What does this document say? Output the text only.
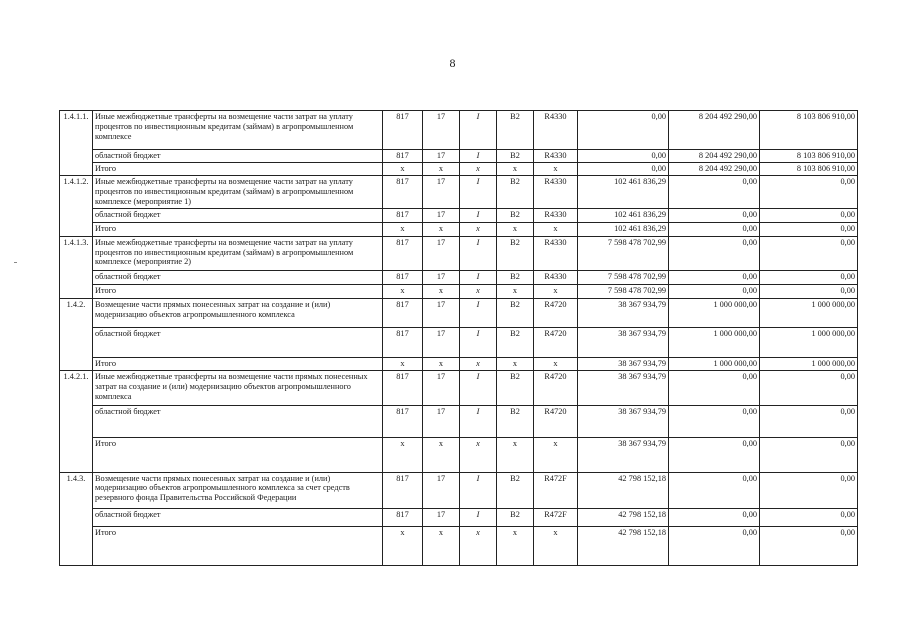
8
1.4.1.1.	Иные межбюджетные трансферты на возмещение части затрат на уплату процентов по инвестиционным кредитам (займам) в агропромышленном комплексе	817	17	I	B2	R4330	0,00	8 204 492 290,00	8 103 806 910,00
	областной бюджет	817	17	I	B2	R4330	0,00	8 204 492 290,00	8 103 806 910,00
	Итого	х	х	х	х	х	0,00	8 204 492 290,00	8 103 806 910,00
1.4.1.2.	Иные межбюджетные трансферты на возмещение части затрат на уплату процентов по инвестиционным кредитам (займам) в агропромышленном комплексе (мероприятие 1)	817	17	I	B2	R4330	102 461 836,29	0,00	0,00
	областной бюджет	817	17	I	B2	R4330	102 461 836,29	0,00	0,00
	Итого	х	х	х	х	х	102 461 836,29	0,00	0,00
1.4.1.3.	Иные межбюджетные трансферты на возмещение части затрат на уплату процентов по инвестиционным кредитам (займам) в агропромышленном комплексе (мероприятие 2)	817	17	I	B2	R4330	7 598 478 702,99	0,00	0,00
	областной бюджет	817	17	I	B2	R4330	7 598 478 702,99	0,00	0,00
	Итого	х	х	х	х	х	7 598 478 702,99	0,00	0,00
1.4.2.	Возмещение части прямых понесенных затрат на создание и (или) модернизацию объектов агропромышленного комплекса	817	17	I	B2	R4720	38 367 934,79	1 000 000,00	1 000 000,00
	областной бюджет	817	17	I	B2	R4720	38 367 934,79	1 000 000,00	1 000 000,00
	Итого	х	х	х	х	х	38 367 934,79	1 000 000,00	1 000 000,00
1.4.2.1.	Иные межбюджетные трансферты на возмещение части прямых понесенных затрат на создание и (или) модернизацию объектов агропромышленного комплекса	817	17	I	B2	R4720	38 367 934,79	0,00	0,00
	областной бюджет	817	17	I	B2	R4720	38 367 934,79	0,00	0,00
	Итого	х	х	х	х	х	38 367 934,79	0,00	0,00
1.4.3.	Возмещение части прямых понесенных затрат на создание и (или) модернизацию объектов агропромышленного комплекса за счет средств резервного фонда Правительства Российской Федерации	817	17	I	B2	R472F	42 798 152,18	0,00	0,00
	областной бюджет	817	17	I	B2	R472F	42 798 152,18	0,00	0,00
	Итого	х	х	х	х	х	42 798 152,18	0,00	0,00
